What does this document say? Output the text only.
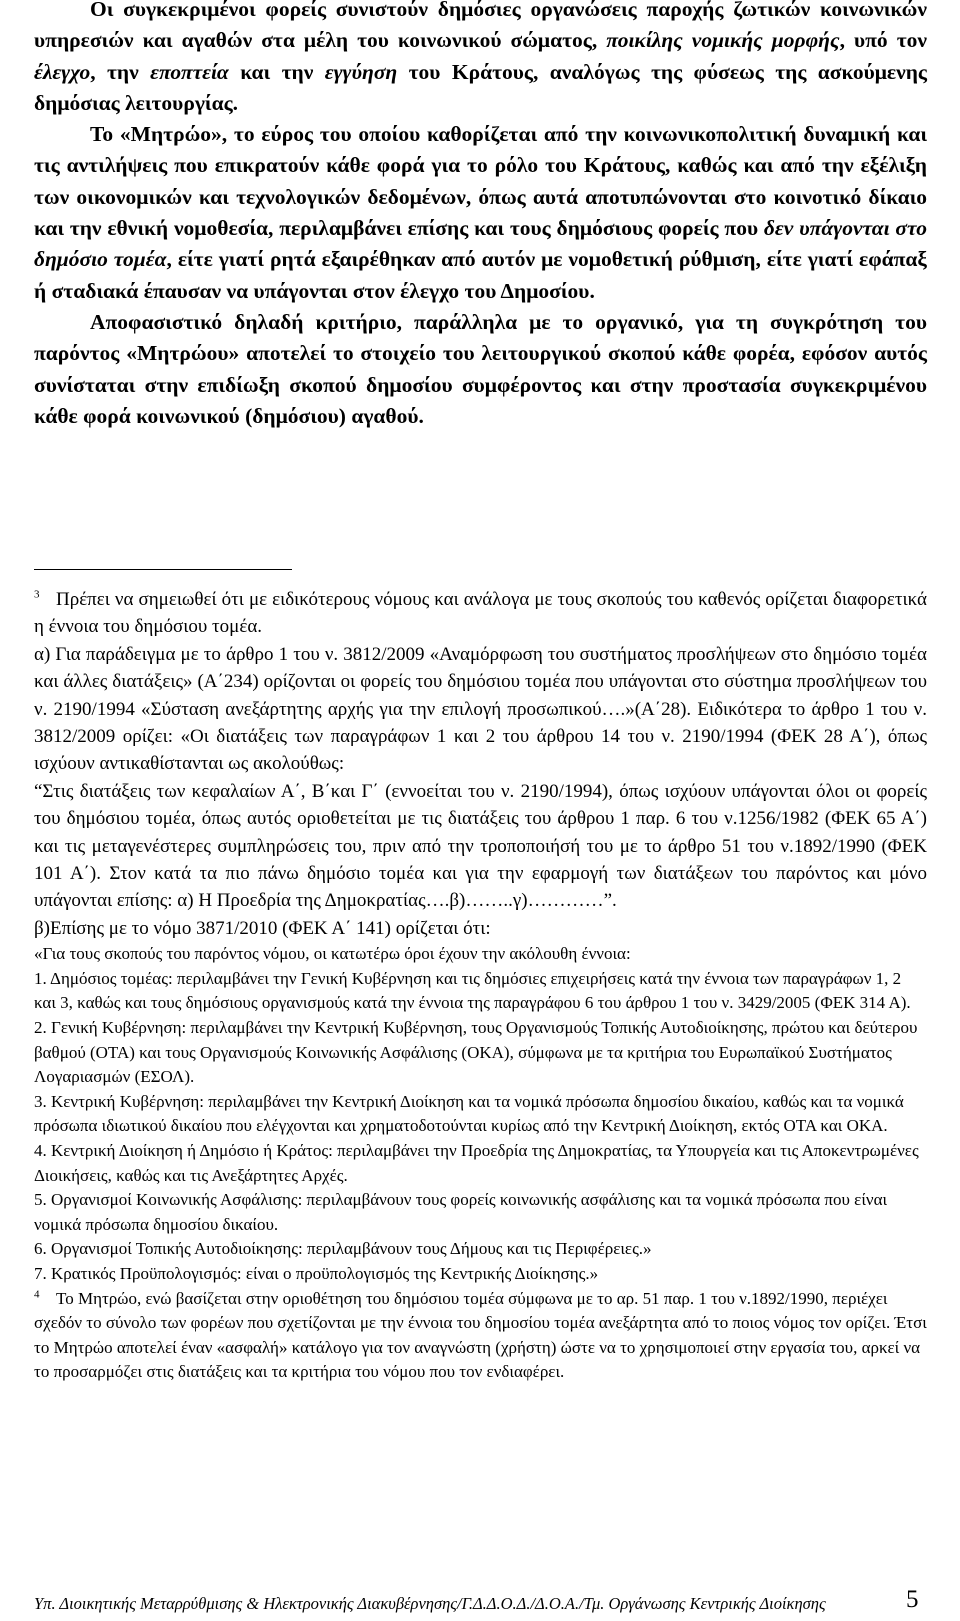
Οι συγκεκριμένοι φορείς συνιστούν δημόσιες οργανώσεις παροχής ζωτικών κοινωνικών υπηρεσιών και αγαθών στα μέλη του κοινωνικού σώματος, ποικίλης νομικής μορφής, υπό τον έλεγχο, την εποπτεία και την εγγύηση του Κράτους, αναλόγως της φύσεως της ασκούμενης δημόσιας λειτουργίας.

Το «Μητρώο», το εύρος του οποίου καθορίζεται από την κοινωνικοπολιτική δυναμική και τις αντιλήψεις που επικρατούν κάθε φορά για το ρόλο του Κράτους, καθώς και από την εξέλιξη των οικονομικών και τεχνολογικών δεδομένων, όπως αυτά αποτυπώνονται στο κοινοτικό δίκαιο και την εθνική νομοθεσία, περιλαμβάνει επίσης και τους δημόσιους φορείς που δεν υπάγονται στο δημόσιο τομέα, είτε γιατί ρητά εξαιρέθηκαν από αυτόν με νομοθετική ρύθμιση, είτε γιατί εφάπαξ ή σταδιακά έπαυσαν να υπάγονται στον έλεγχο του Δημοσίου.

Αποφασιστικό δηλαδή κριτήριο, παράλληλα με το οργανικό, για τη συγκρότηση του παρόντος «Μητρώου» αποτελεί το στοιχείο του λειτουργικού σκοπού κάθε φορέα, εφόσον αυτός συνίσταται στην επιδίωξη σκοπού δημοσίου συμφέροντος και στην προστασία συγκεκριμένου κάθε φορά κοινωνικού (δημόσιου) αγαθού.

$^3$ Πρέπει να σημειωθεί ότι με ειδικότερους νόμους και ανάλογα με τους σκοπούς του καθενός ορίζεται διαφορετικά η έννοια του δημόσιου τομέα.

α) Για παράδειγμα με το άρθρο 1 του ν. 3812/2009 «Αναμόρφωση του συστήματος προσλήψεων στο δημόσιο τομέα και άλλες διατάξεις» (Α΄234) ορίζονται οι φορείς του δημόσιου τομέα που υπάγονται στο σύστημα προσλήψεων του ν. 2190/1994 «Σύσταση ανεξάρτητης αρχής για την επιλογή προσωπικού….»(Α΄28). Ειδικότερα το άρθρο 1 του ν. 3812/2009 ορίζει: «Οι διατάξεις των παραγράφων 1 και 2 του άρθρου 14 του ν. 2190/1994 (ΦΕΚ 28 Α΄), όπως ισχύουν αντικαθίστανται ως ακολούθως:

“Στις διατάξεις των κεφαλαίων Α΄, Β΄και Γ΄ (εννοείται του ν. 2190/1994), όπως ισχύουν υπάγονται όλοι οι φορείς του δημόσιου τομέα, όπως αυτός οριοθετείται με τις διατάξεις του άρθρου 1 παρ. 6 του ν.1256/1982 (ΦΕΚ 65 Α΄) και τις μεταγενέστερες συμπληρώσεις του, πριν από την τροποποιήσή του με το άρθρο 51 του ν.1892/1990 (ΦΕΚ 101 Α΄). Στον κατά τα πιο πάνω δημόσιο τομέα και για την εφαρμογή των διατάξεων του παρόντος και μόνο υπάγονται επίσης: α) Η Προεδρία της Δημοκρατίας….β)……..γ)…………”.

β)Επίσης με το νόμο 3871/2010 (ΦΕΚ Α΄ 141) ορίζεται ότι:

«Για τους σκοπούς του παρόντος νόμου, οι κατωτέρω όροι έχουν την ακόλουθη έννοια:

1. Δημόσιος τομέας: περιλαμβάνει την Γενική Κυβέρνηση και τις δημόσιες επιχειρήσεις κατά την έννοια των παραγράφων 1, 2 και 3, καθώς και τους δημόσιους οργανισμούς κατά την έννοια της παραγράφου 6 του άρθρου 1 του ν. 3429/2005 (ΦΕΚ 314 Α).

2. Γενική Κυβέρνηση: περιλαμβάνει την Κεντρική Κυβέρνηση, τους Οργανισμούς Τοπικής Αυτοδιοίκησης, πρώτου και δεύτερου βαθμού (ΟΤΑ) και τους Οργανισμούς Κοινωνικής Ασφάλισης (ΟΚΑ), σύμφωνα με τα κριτήρια του Ευρωπαϊκού Συστήματος Λογαριασμών (ΕΣΟΛ).

3. Κεντρική Κυβέρνηση: περιλαμβάνει την Κεντρική Διοίκηση και τα νομικά πρόσωπα δημοσίου δικαίου, καθώς και τα νομικά πρόσωπα ιδιωτικού δικαίου που ελέγχονται και χρηματοδοτούνται κυρίως από την Κεντρική Διοίκηση, εκτός ΟΤΑ και ΟΚΑ.

4. Κεντρική Διοίκηση ή Δημόσιο ή Κράτος: περιλαμβάνει την Προεδρία της Δημοκρατίας, τα Υπουργεία και τις Αποκεντρωμένες Διοικήσεις, καθώς και τις Ανεξάρτητες Αρχές.

5. Οργανισμοί Κοινωνικής Ασφάλισης: περιλαμβάνουν τους φορείς κοινωνικής ασφάλισης και τα νομικά πρόσωπα που είναι νομικά πρόσωπα δημοσίου δικαίου.

6. Οργανισμοί Τοπικής Αυτοδιοίκησης: περιλαμβάνουν τους Δήμους και τις Περιφέρειες.»

7. Κρατικός Προϋπολογισμός: είναι ο προϋπολογισμός της Κεντρικής Διοίκησης.»

$^4$ Το Μητρώο, ενώ βασίζεται στην οριοθέτηση του δημόσιου τομέα σύμφωνα με το αρ. 51 παρ. 1 του ν.1892/1990, περιέχει σχεδόν το σύνολο των φορέων που σχετίζονται με την έννοια του δημοσίου τομέα ανεξάρτητα από το ποιος νόμος τον ορίζει. Έτσι το Μητρώο αποτελεί έναν «ασφαλή» κατάλογο για τον αναγνώστη (χρήστη) ώστε να το χρησιμοποιεί στην εργασία του, αρκεί να το προσαρμόζει στις διατάξεις και τα κριτήρια του νόμου που τον ενδιαφέρει.

Υπ. Διοικητικής Μεταρρύθμισης & Ηλεκτρονικής Διακυβέρνησης/Γ.Δ.Δ.Ο.Δ./Δ.Ο.Α./Τμ. Οργάνωσης Κεντρικής Διοίκησης	5
